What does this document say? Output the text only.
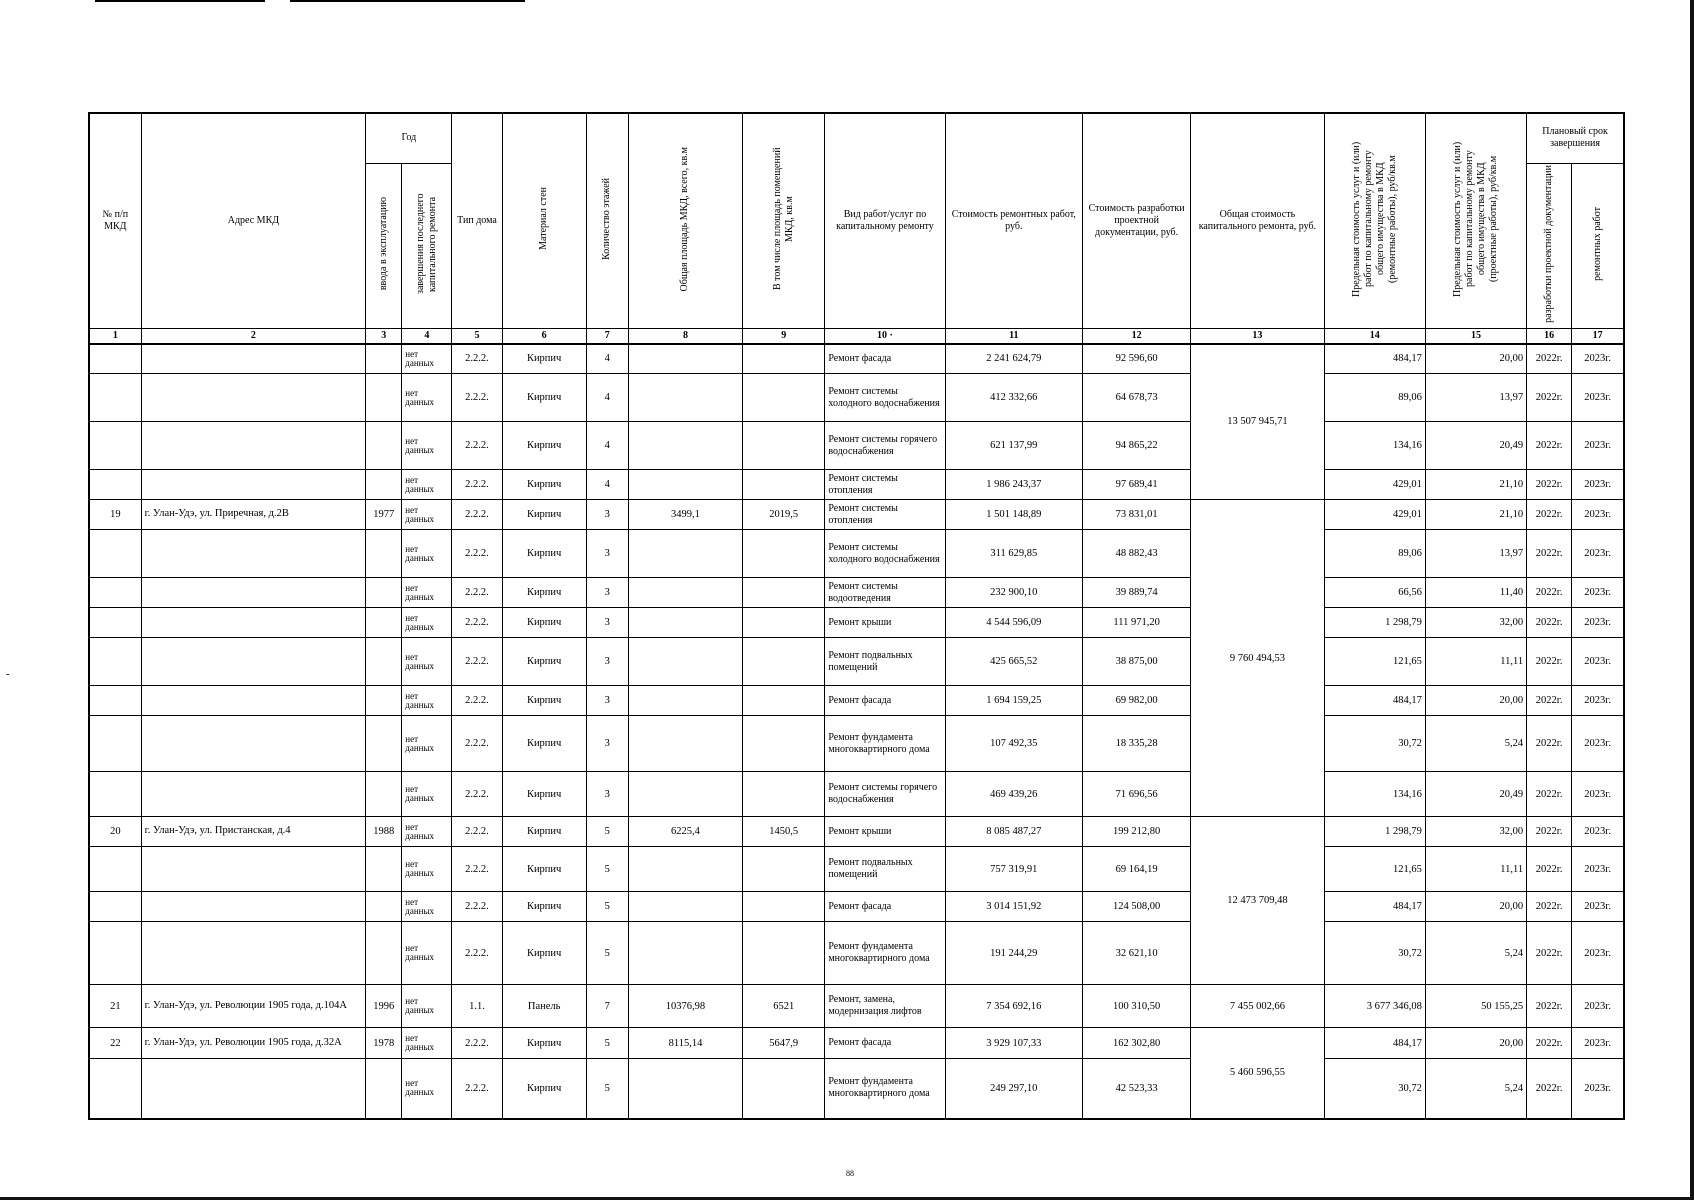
-
№ п/п МКД	Адрес МКД	Год		Тип дома	Материал стен	Количество этажей	Общая площадь МКД, всего, кв.м	В том числе площадь помещений МКД, кв.м	Вид работ/услуг по капитальному ремонту	Стоимость ремонтных работ, руб.	Стоимость разработки проектной документации, руб.	Общая стоимость капитального ремонта, руб.	Предельная стоимость услуг и (или) работ по капитальному ремонту общего имущества в МКД (ремонтные работы), руб/кв.м	Предельная стоимость услуг и (или) работ по капитальному ремонту общего имущества в МКД (проектные работы), руб/кв.м	Плановый срок завершения	
		ввода в эксплуатацию	завершения последнего капитального ремонта												разработки проектной документации	ремонтных работ
1	2	3	4	5	6	7	8	9	10 ·	11	12	13	14	15	16	17
			нет данных	2.2.2.	Кирпич	4			Ремонт фасада	2 241 624,79	92 596,60	13 507 945,71	484,17	20,00	2022г.	2023г.
			нет данных	2.2.2.	Кирпич	4			Ремонт системы холодного водоснабжения	412 332,66	64 678,73		89,06	13,97	2022г.	2023г.
			нет данных	2.2.2.	Кирпич	4			Ремонт системы горячего водоснабжения	621 137,99	94 865,22		134,16	20,49	2022г.	2023г.
			нет данных	2.2.2.	Кирпич	4			Ремонт системы отопления	1 986 243,37	97 689,41		429,01	21,10	2022г.	2023г.
19	г. Улан-Удэ, ул. Приречная, д.2В	1977	нет данных	2.2.2.	Кирпич	3	3499,1	2019,5	Ремонт системы отопления	1 501 148,89	73 831,01	9 760 494,53	429,01	21,10	2022г.	2023г.
			нет данных	2.2.2.	Кирпич	3			Ремонт системы холодного водоснабжения	311 629,85	48 882,43		89,06	13,97	2022г.	2023г.
			нет данных	2.2.2.	Кирпич	3			Ремонт системы водоотведения	232 900,10	39 889,74		66,56	11,40	2022г.	2023г.
			нет данных	2.2.2.	Кирпич	3			Ремонт крыши	4 544 596,09	111 971,20		1 298,79	32,00	2022г.	2023г.
			нет данных	2.2.2.	Кирпич	3			Ремонт подвальных помещений	425 665,52	38 875,00		121,65	11,11	2022г.	2023г.
			нет данных	2.2.2.	Кирпич	3			Ремонт фасада	1 694 159,25	69 982,00		484,17	20,00	2022г.	2023г.
			нет данных	2.2.2.	Кирпич	3			Ремонт фундамента многоквартирного дома	107 492,35	18 335,28		30,72	5,24	2022г.	2023г.
			нет данных	2.2.2.	Кирпич	3			Ремонт системы горячего водоснабжения	469 439,26	71 696,56		134,16	20,49	2022г.	2023г.
20	г. Улан-Удэ, ул. Пристанская, д.4	1988	нет данных	2.2.2.	Кирпич	5	6225,4	1450,5	Ремонт крыши	8 085 487,27	199 212,80	12 473 709,48	1 298,79	32,00	2022г.	2023г.
			нет данных	2.2.2.	Кирпич	5			Ремонт подвальных помещений	757 319,91	69 164,19		121,65	11,11	2022г.	2023г.
			нет данных	2.2.2.	Кирпич	5			Ремонт фасада	3 014 151,92	124 508,00		484,17	20,00	2022г.	2023г.
			нет данных	2.2.2.	Кирпич	5			Ремонт фундамента многоквартирного дома	191 244,29	32 621,10		30,72	5,24	2022г.	2023г.
21	г. Улан-Удэ, ул. Революции 1905 года, д.104А	1996	нет данных	1.1.	Панель	7	10376,98	6521	Ремонт, замена, модернизация лифтов	7 354 692,16	100 310,50	7 455 002,66	3 677 346,08	50 155,25	2022г.	2023г.
22	г. Улан-Удэ, ул. Революции 1905 года, д.32А	1978	нет данных	2.2.2.	Кирпич	5	8115,14	5647,9	Ремонт фасада	3 929 107,33	162 302,80	5 460 596,55	484,17	20,00	2022г.	2023г.
			нет данных	2.2.2.	Кирпич	5			Ремонт фундамента многоквартирного дома	249 297,10	42 523,33		30,72	5,24	2022г.	2023г.
88
